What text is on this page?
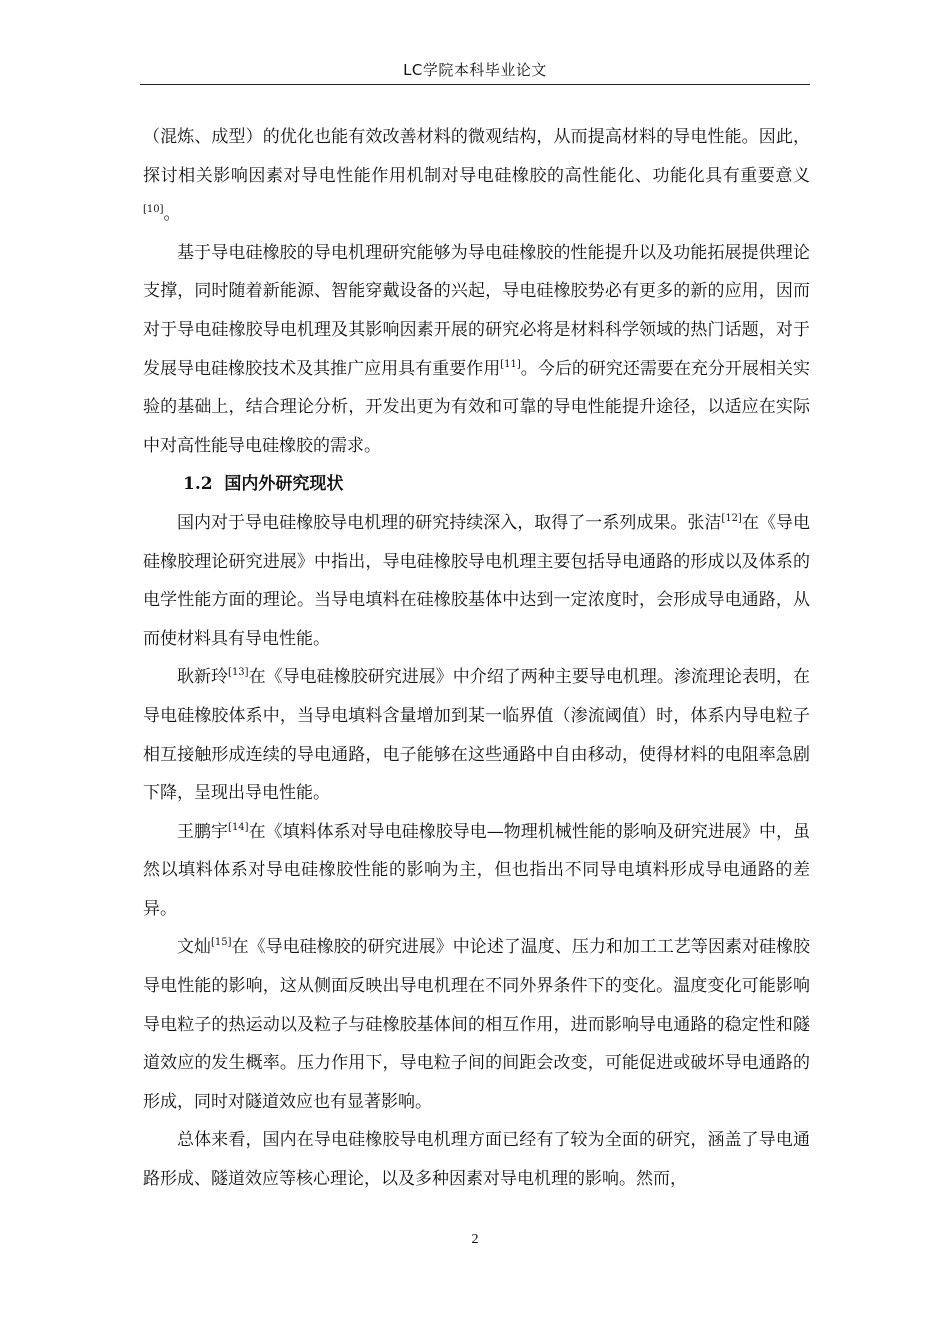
LC学院本科毕业论文

（混炼、成型）的优化也能有效改善材料的微观结构，从而提高材料的导电性能。因此，探讨相关影响因素对导电性能作用机制对导电硅橡胶的高性能化、功能化具有重要意义[10]。

基于导电硅橡胶的导电机理研究能够为导电硅橡胶的性能提升以及功能拓展提供理论支撑，同时随着新能源、智能穿戴设备的兴起，导电硅橡胶势必有更多的新的应用，因而对于导电硅橡胶导电机理及其影响因素开展的研究必将是材料科学领域的热门话题，对于发展导电硅橡胶技术及其推广应用具有重要作用[11]。今后的研究还需要在充分开展相关实验的基础上，结合理论分析，开发出更为有效和可靠的导电性能提升途径，以适应在实际中对高性能导电硅橡胶的需求。

1.2 国内外研究现状

国内对于导电硅橡胶导电机理的研究持续深入，取得了一系列成果。张洁[12]在《导电硅橡胶理论研究进展》中指出，导电硅橡胶导电机理主要包括导电通路的形成以及体系的电学性能方面的理论。当导电填料在硅橡胶基体中达到一定浓度时，会形成导电通路，从而使材料具有导电性能。

耿新玲[13]在《导电硅橡胶研究进展》中介绍了两种主要导电机理。渗流理论表明，在导电硅橡胶体系中，当导电填料含量增加到某一临界值（渗流阈值）时，体系内导电粒子相互接触形成连续的导电通路，电子能够在这些通路中自由移动，使得材料的电阻率急剧下降，呈现出导电性能。

王鹏宇[14]在《填料体系对导电硅橡胶导电—物理机械性能的影响及研究进展》中，虽然以填料体系对导电硅橡胶性能的影响为主，但也指出不同导电填料形成导电通路的差异。

文灿[15]在《导电硅橡胶的研究进展》中论述了温度、压力和加工工艺等因素对硅橡胶导电性能的影响，这从侧面反映出导电机理在不同外界条件下的变化。温度变化可能影响导电粒子的热运动以及粒子与硅橡胶基体间的相互作用，进而影响导电通路的稳定性和隧道效应的发生概率。压力作用下，导电粒子间的间距会改变，可能促进或破坏导电通路的形成，同时对隧道效应也有显著影响。

总体来看，国内在导电硅橡胶导电机理方面已经有了较为全面的研究，涵盖了导电通路形成、隧道效应等核心理论，以及多种因素对导电机理的影响。然而，

2
